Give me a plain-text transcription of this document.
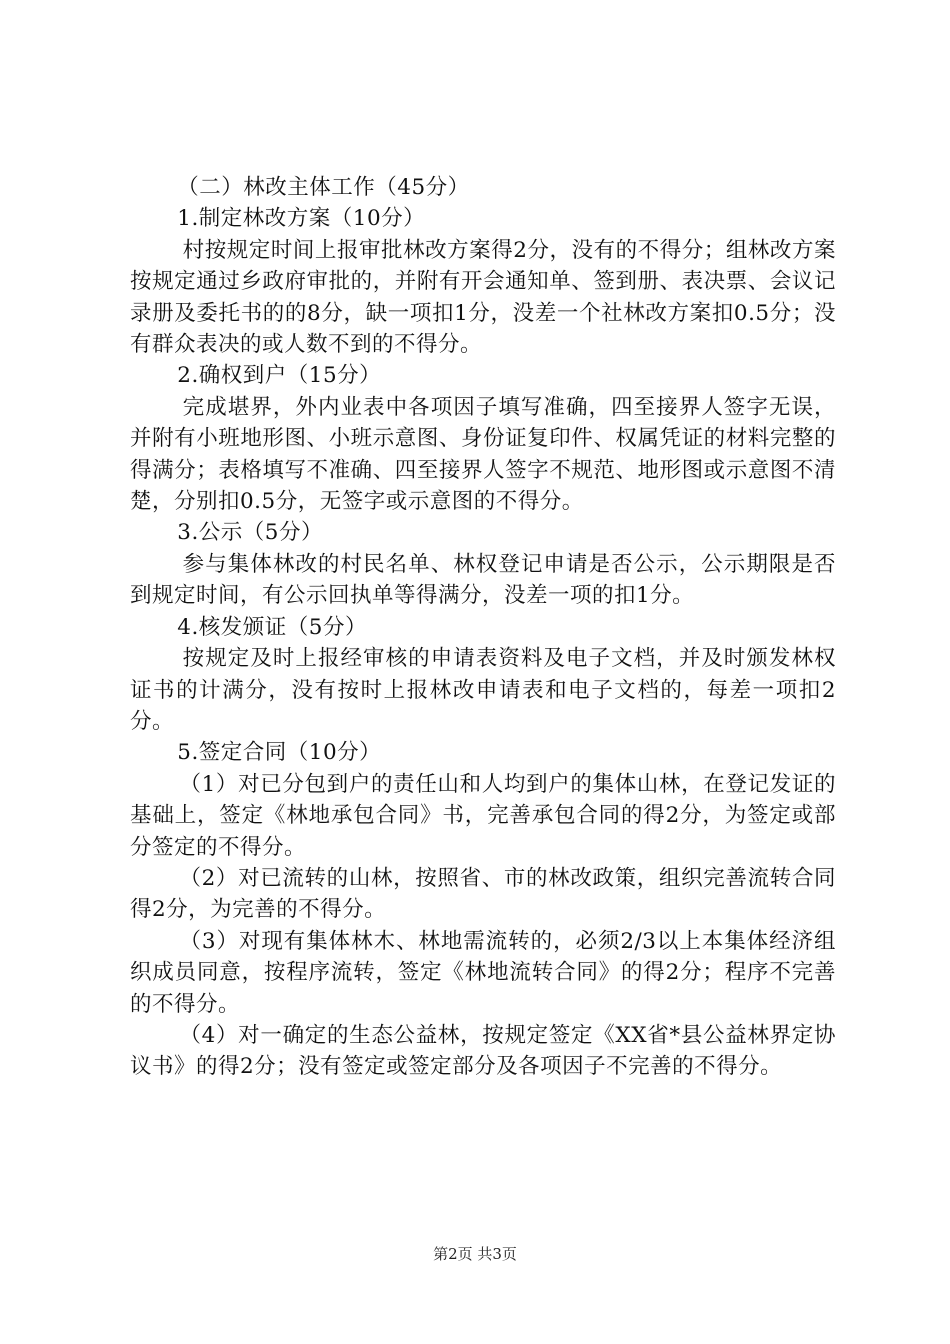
（二）林改主体工作（45分）

1.制定林改方案（10分）

村按规定时间上报审批林改方案得2分，没有的不得分；组林改方案按规定通过乡政府审批的，并附有开会通知单、签到册、表决票、会议记录册及委托书的的8分，缺一项扣1分，没差一个社林改方案扣0.5分；没有群众表决的或人数不到的不得分。

2.确权到户（15分）

完成堪界，外内业表中各项因子填写准确，四至接界人签字无误，并附有小班地形图、小班示意图、身份证复印件、权属凭证的材料完整的得满分；表格填写不准确、四至接界人签字不规范、地形图或示意图不清楚，分别扣0.5分，无签字或示意图的不得分。

3.公示（5分）

参与集体林改的村民名单、林权登记申请是否公示，公示期限是否到规定时间，有公示回执单等得满分，没差一项的扣1分。

4.核发颁证（5分）

按规定及时上报经审核的申请表资料及电子文档，并及时颁发林权证书的计满分，没有按时上报林改申请表和电子文档的，每差一项扣2分。

5.签定合同（10分）

（1）对已分包到户的责任山和人均到户的集体山林，在登记发证的基础上，签定《林地承包合同》书，完善承包合同的得2分，为签定或部分签定的不得分。

（2）对已流转的山林，按照省、市的林改政策，组织完善流转合同得2分，为完善的不得分。

（3）对现有集体林木、林地需流转的，必须2/3以上本集体经济组织成员同意，按程序流转，签定《林地流转合同》的得2分；程序不完善的不得分。

（4）对一确定的生态公益林，按规定签定《XX省*县公益林界定协议书》的得2分；没有签定或签定部分及各项因子不完善的不得分。

第2页 共3页
